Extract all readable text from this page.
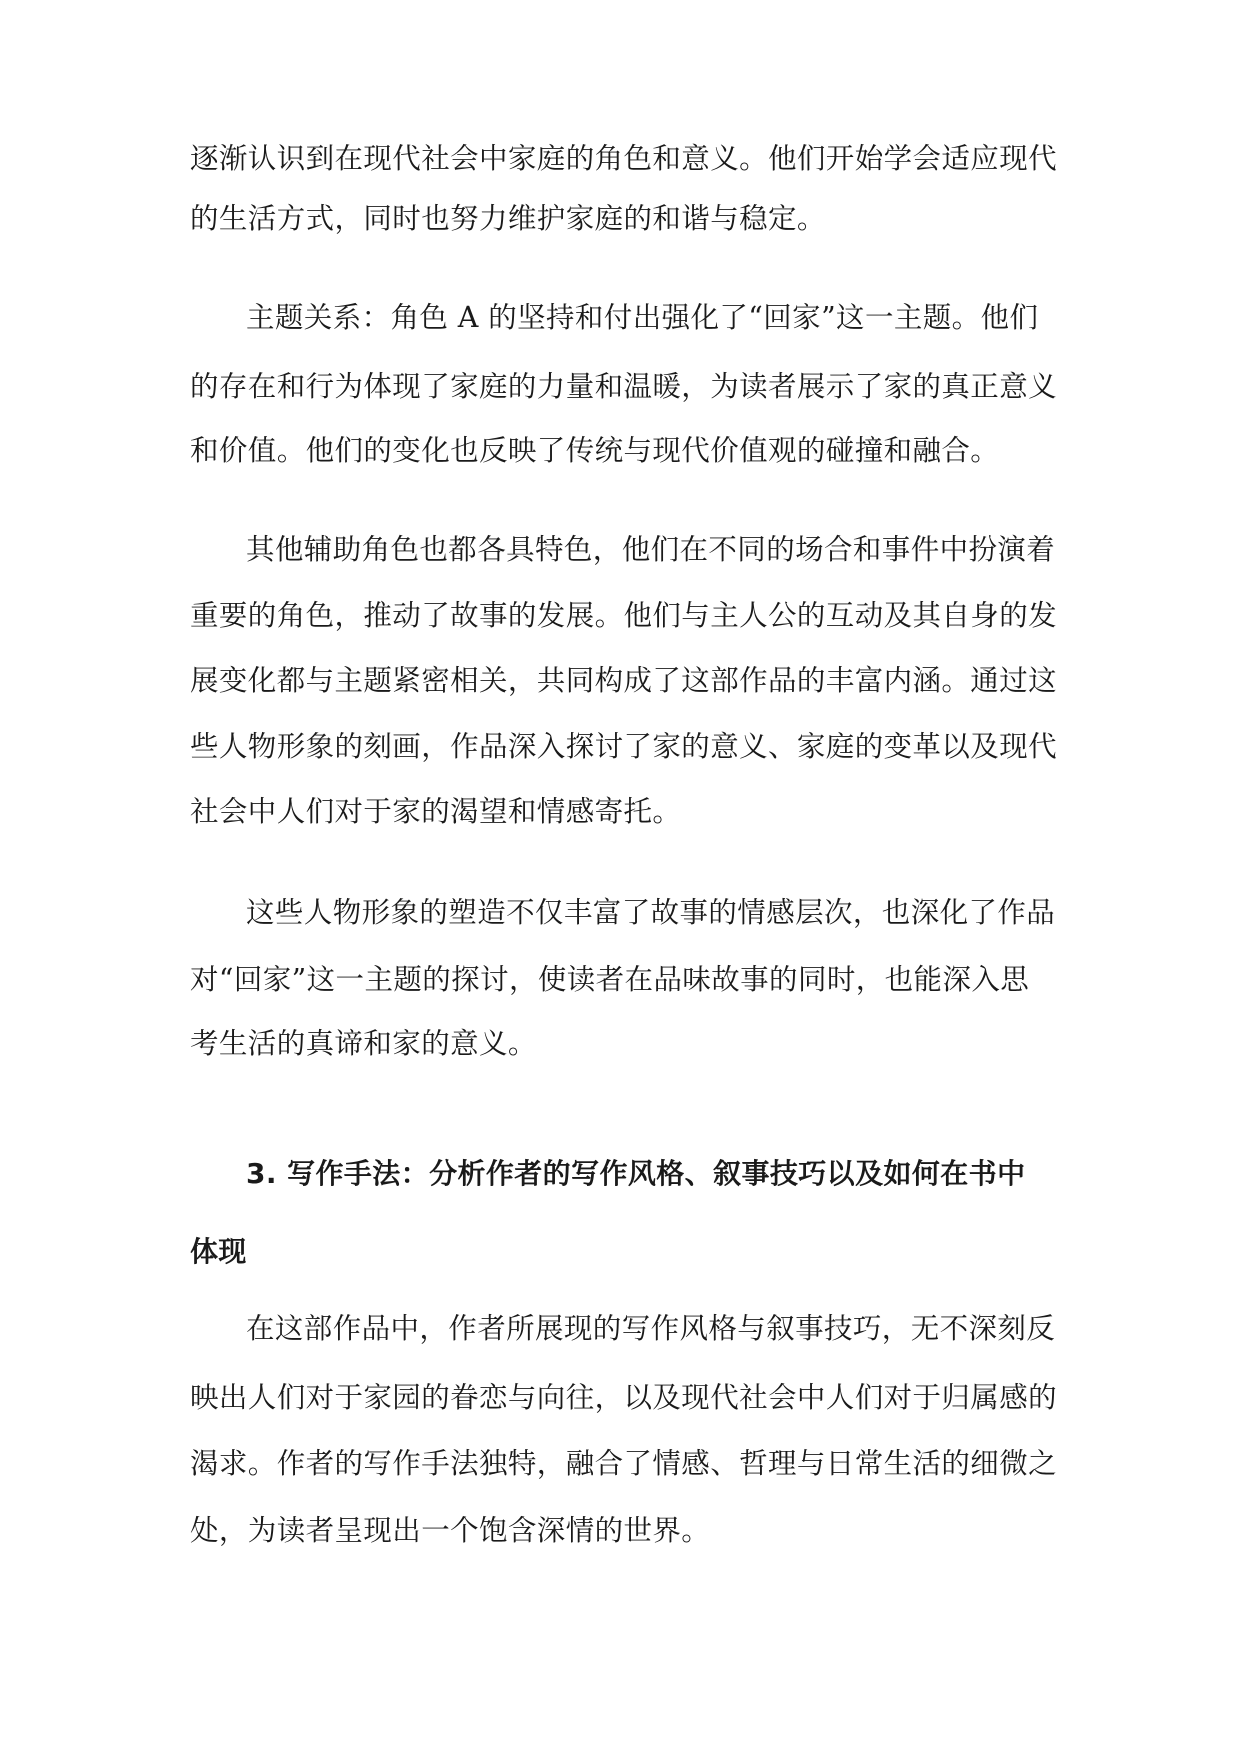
逐渐认识到在现代社会中家庭的角色和意义。他们开始学会适应现代
的生活方式，同时也努力维护家庭的和谐与稳定。
主题关系：角色 A 的坚持和付出强化了“回家”这一主题。他们
的存在和行为体现了家庭的力量和温暖，为读者展示了家的真正意义
和价值。他们的变化也反映了传统与现代价值观的碰撞和融合。
其他辅助角色也都各具特色，他们在不同的场合和事件中扮演着
重要的角色，推动了故事的发展。他们与主人公的互动及其自身的发
展变化都与主题紧密相关，共同构成了这部作品的丰富内涵。通过这
些人物形象的刻画，作品深入探讨了家的意义、家庭的变革以及现代
社会中人们对于家的渴望和情感寄托。
这些人物形象的塑造不仅丰富了故事的情感层次，也深化了作品
对“回家”这一主题的探讨，使读者在品味故事的同时，也能深入思
考生活的真谛和家的意义。
3. 写作手法：分析作者的写作风格、叙事技巧以及如何在书中
体现
在这部作品中，作者所展现的写作风格与叙事技巧，无不深刻反
映出人们对于家园的眷恋与向往，以及现代社会中人们对于归属感的
渴求。作者的写作手法独特，融合了情感、哲理与日常生活的细微之
处，为读者呈现出一个饱含深情的世界。
